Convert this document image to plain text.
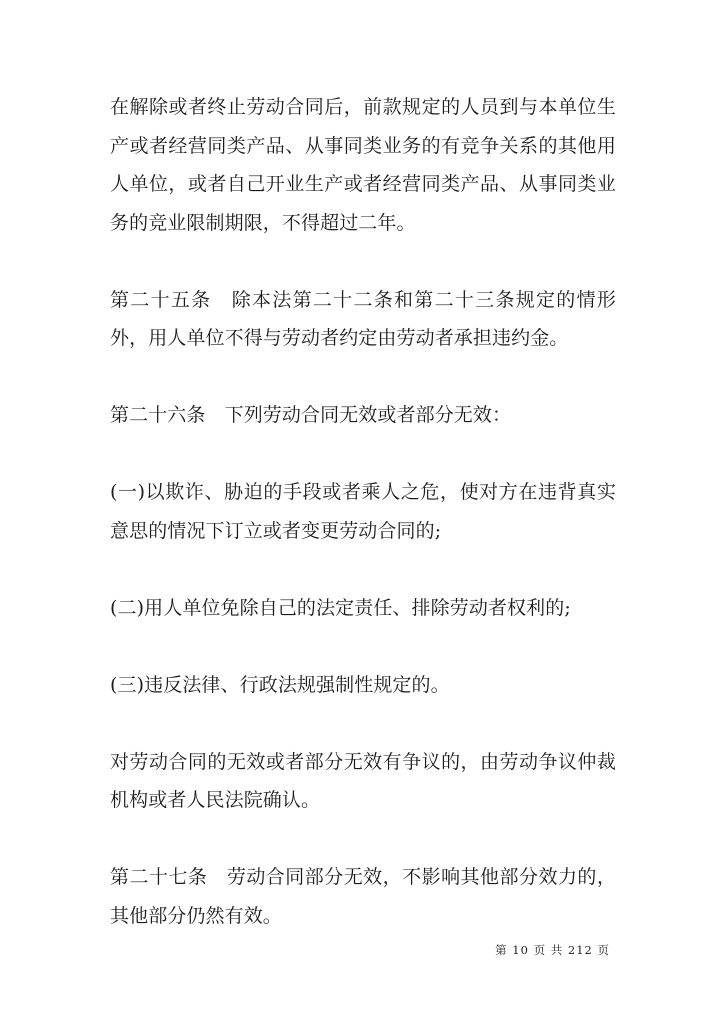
在解除或者终止劳动合同后，前款规定的人员到与本单位生产或者经营同类产品、从事同类业务的有竞争关系的其他用人单位，或者自己开业生产或者经营同类产品、从事同类业务的竞业限制期限，不得超过二年。

第二十五条　除本法第二十二条和第二十三条规定的情形外，用人单位不得与劳动者约定由劳动者承担违约金。

第二十六条　下列劳动合同无效或者部分无效：

(一)以欺诈、胁迫的手段或者乘人之危，使对方在违背真实意思的情况下订立或者变更劳动合同的;

(二)用人单位免除自己的法定责任、排除劳动者权利的;

(三)违反法律、行政法规强制性规定的。

对劳动合同的无效或者部分无效有争议的，由劳动争议仲裁机构或者人民法院确认。

第二十七条　劳动合同部分无效，不影响其他部分效力的，其他部分仍然有效。

第 10 页 共 212 页
